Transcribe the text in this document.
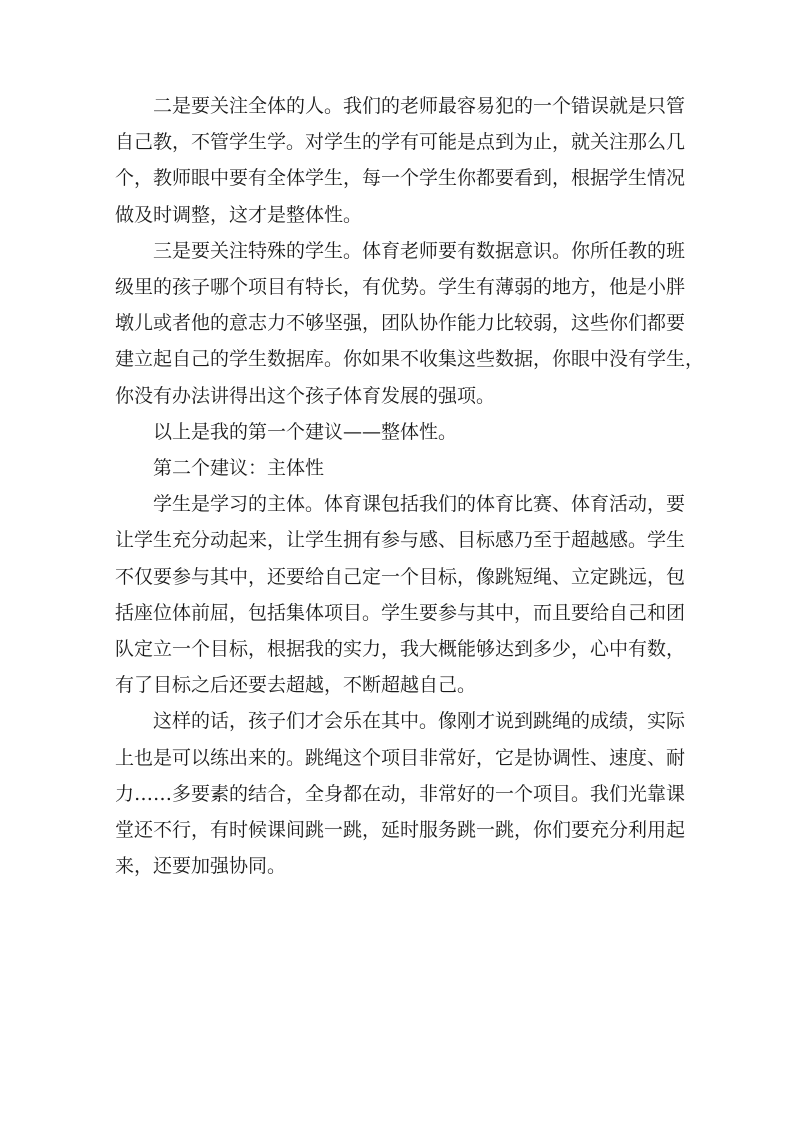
二是要关注全体的人。我们的老师最容易犯的一个错误就是只管
自己教，不管学生学。对学生的学有可能是点到为止，就关注那么几
个，教师眼中要有全体学生，每一个学生你都要看到，根据学生情况
做及时调整，这才是整体性。

三是要关注特殊的学生。体育老师要有数据意识。你所任教的班
级里的孩子哪个项目有特长，有优势。学生有薄弱的地方，他是小胖
墩儿或者他的意志力不够坚强，团队协作能力比较弱，这些你们都要
建立起自己的学生数据库。你如果不收集这些数据，你眼中没有学生，
你没有办法讲得出这个孩子体育发展的强项。

以上是我的第一个建议——整体性。

第二个建议：主体性

学生是学习的主体。体育课包括我们的体育比赛、体育活动，要
让学生充分动起来，让学生拥有参与感、目标感乃至于超越感。学生
不仅要参与其中，还要给自己定一个目标，像跳短绳、立定跳远，包
括座位体前屈，包括集体项目。学生要参与其中，而且要给自己和团
队定立一个目标，根据我的实力，我大概能够达到多少，心中有数，
有了目标之后还要去超越，不断超越自己。

这样的话，孩子们才会乐在其中。像刚才说到跳绳的成绩，实际
上也是可以练出来的。跳绳这个项目非常好，它是协调性、速度、耐
力……多要素的结合，全身都在动，非常好的一个项目。我们光靠课
堂还不行，有时候课间跳一跳，延时服务跳一跳，你们要充分利用起
来，还要加强协同。
